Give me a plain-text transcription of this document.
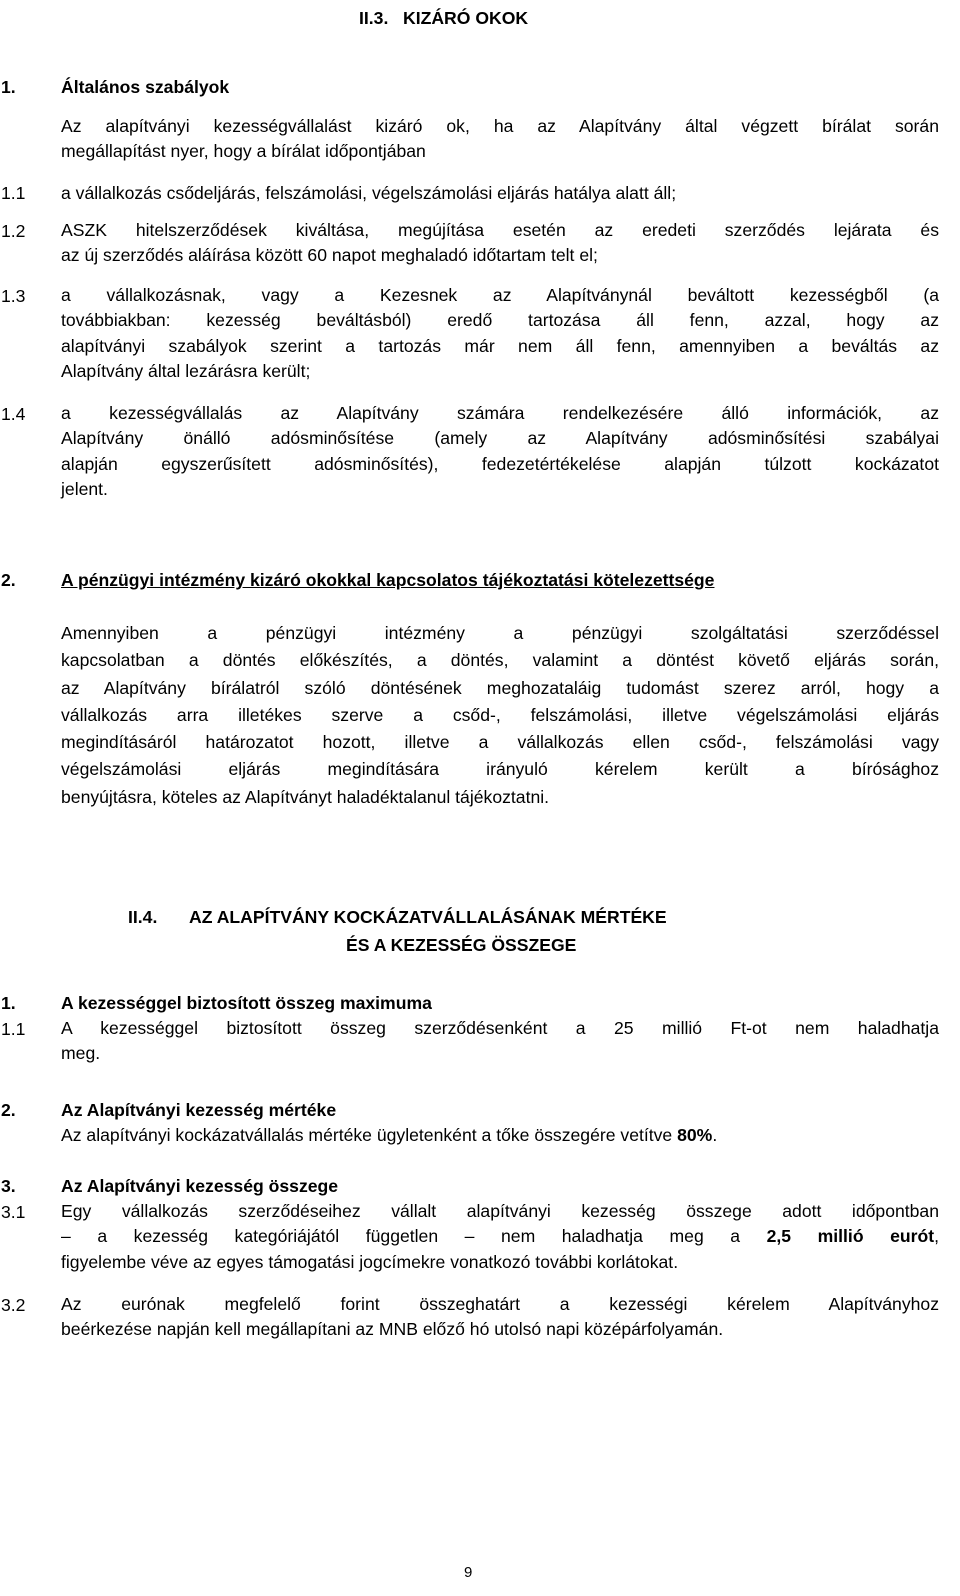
II.3. KIZÁRÓ OKOK
1.	Általános szabályok
Az alapítványi kezességvállalást kizáró ok, ha az Alapítvány által végzett bírálat során
megállapítást nyer, hogy a bírálat időpontjában
1.1 a vállalkozás csődeljárás, felszámolási, végelszámolási eljárás hatálya alatt áll;
1.2 ASZK hitelszerződések kiváltása, megújítása esetén az eredeti szerződés lejárata és
az új szerződés aláírása között 60 napot meghaladó időtartam telt el;
1.3 a vállalkozásnak, vagy a Kezesnek az Alapítványnál beváltott kezességből (a
továbbiakban: kezesség beváltásból) eredő tartozása áll fenn, azzal, hogy az
alapítványi szabályok szerint a tartozás már nem áll fenn, amennyiben a beváltás az
Alapítvány által lezárásra került;
1.4 a kezességvállalás az Alapítvány számára rendelkezésére álló információk, az
Alapítvány önálló adósminősítése (amely az Alapítvány adósminősítési szabályai
alapján egyszerűsített adósminősítés), fedezetértékelése alapján túlzott kockázatot
jelent.
2.	A pénzügyi intézmény kizáró okokkal kapcsolatos tájékoztatási kötelezettsége
Amennyiben a pénzügyi intézmény a pénzügyi szolgáltatási szerződéssel
kapcsolatban a döntés előkészítés, a döntés, valamint a döntést követő eljárás során,
az Alapítvány bírálatról szóló döntésének meghozataláig tudomást szerez arról, hogy a
vállalkozás arra illetékes szerve a csőd-, felszámolási, illetve végelszámolási eljárás
megindításáról határozatot hozott, illetve a vállalkozás ellen csőd-, felszámolási vagy
végelszámolási eljárás megindítására irányuló kérelem került a bírósághoz
benyújtásra, köteles az Alapítványt haladéktalanul tájékoztatni.
II.4. AZ ALAPÍTVÁNY KOCKÁZATVÁLLALÁSÁNAK MÉRTÉKE
ÉS A KEZESSÉG ÖSSZEGE
1.	A kezességgel biztosított összeg maximuma
1.1 A kezességgel biztosított összeg szerződésenként a 25 millió Ft-ot nem haladhatja
meg.
2.	Az Alapítványi kezesség mértéke
Az alapítványi kockázatvállalás mértéke ügyletenként a tőke összegére vetítve 80%.
3.	Az Alapítványi kezesség összege
3.1 Egy vállalkozás szerződéseihez vállalt alapítványi kezesség összege adott időpontban
– a kezesség kategóriájától független – nem haladhatja meg a 2,5 millió eurót,
figyelembe véve az egyes támogatási jogcímekre vonatkozó további korlátokat.
3.2 Az eurónak megfelelő forint összeghatárt a kezességi kérelem Alapítványhoz
beérkezése napján kell megállapítani az MNB előző hó utolsó napi középárfolyamán.
9
